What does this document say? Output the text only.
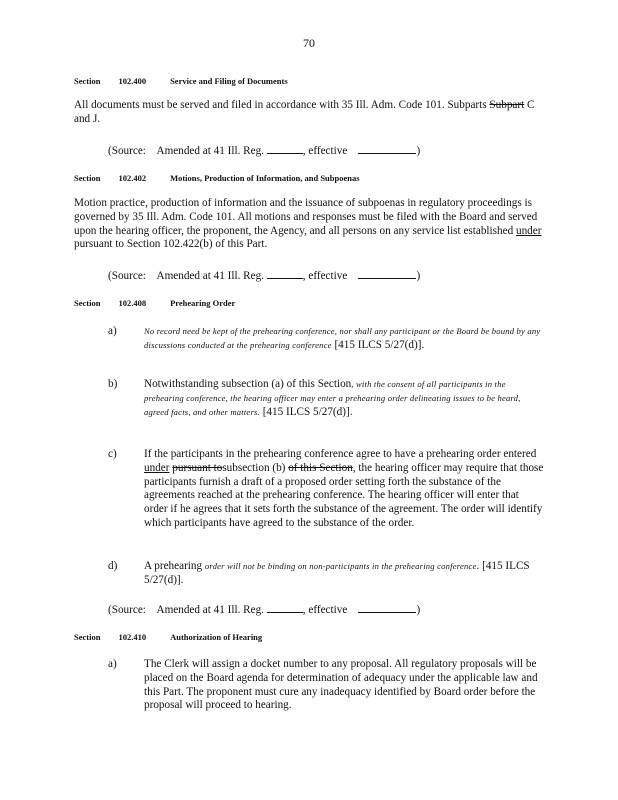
70
Section 102.400	Service and Filing of Documents
All documents must be served and filed in accordance with 35 Ill. Adm. Code 101. Subparts Subpart C and J.
(Source: Amended at 41 Ill. Reg.	, effective	)
Section 102.402	Motions, Production of Information, and Subpoenas
Motion practice, production of information and the issuance of subpoenas in regulatory proceedings is governed by 35 Ill. Adm. Code 101. All motions and responses must be filed with the Board and served upon the hearing officer, the proponent, the Agency, and all persons on any service list established under pursuant to Section 102.422(b) of this Part.
(Source: Amended at 41 Ill. Reg.	, effective	)
Section 102.408	Prehearing Order
a)	No record need be kept of the prehearing conference, nor shall any participant or the Board be bound by any discussions conducted at the prehearing conference [415 ILCS 5/27(d)].
b) Notwithstanding subsection (a) of this Section, with the consent of all participants in the prehearing conference, the hearing officer may enter a prehearing order delineating issues to be heard, agreed facts, and other matters. [415 ILCS 5/27(d)].
c) If the participants in the prehearing conference agree to have a prehearing order entered under pursuant tosubsection (b) of this Section, the hearing officer may require that those participants furnish a draft of a proposed order setting forth the substance of the agreements reached at the prehearing conference. The hearing officer will enter that order if he agrees that it sets forth the substance of the agreement. The order will identify which participants have agreed to the substance of the order.
d) A prehearing order will not be binding on non-participants in the prehearing conference. [415 ILCS 5/27(d)].
(Source: Amended at 41 Ill. Reg.	, effective	)
Section 102.410	Authorization of Hearing
a) The Clerk will assign a docket number to any proposal. All regulatory proposals will be placed on the Board agenda for determination of adequacy under the applicable law and this Part. The proponent must cure any inadequacy identified by Board order before the proposal will proceed to hearing.
